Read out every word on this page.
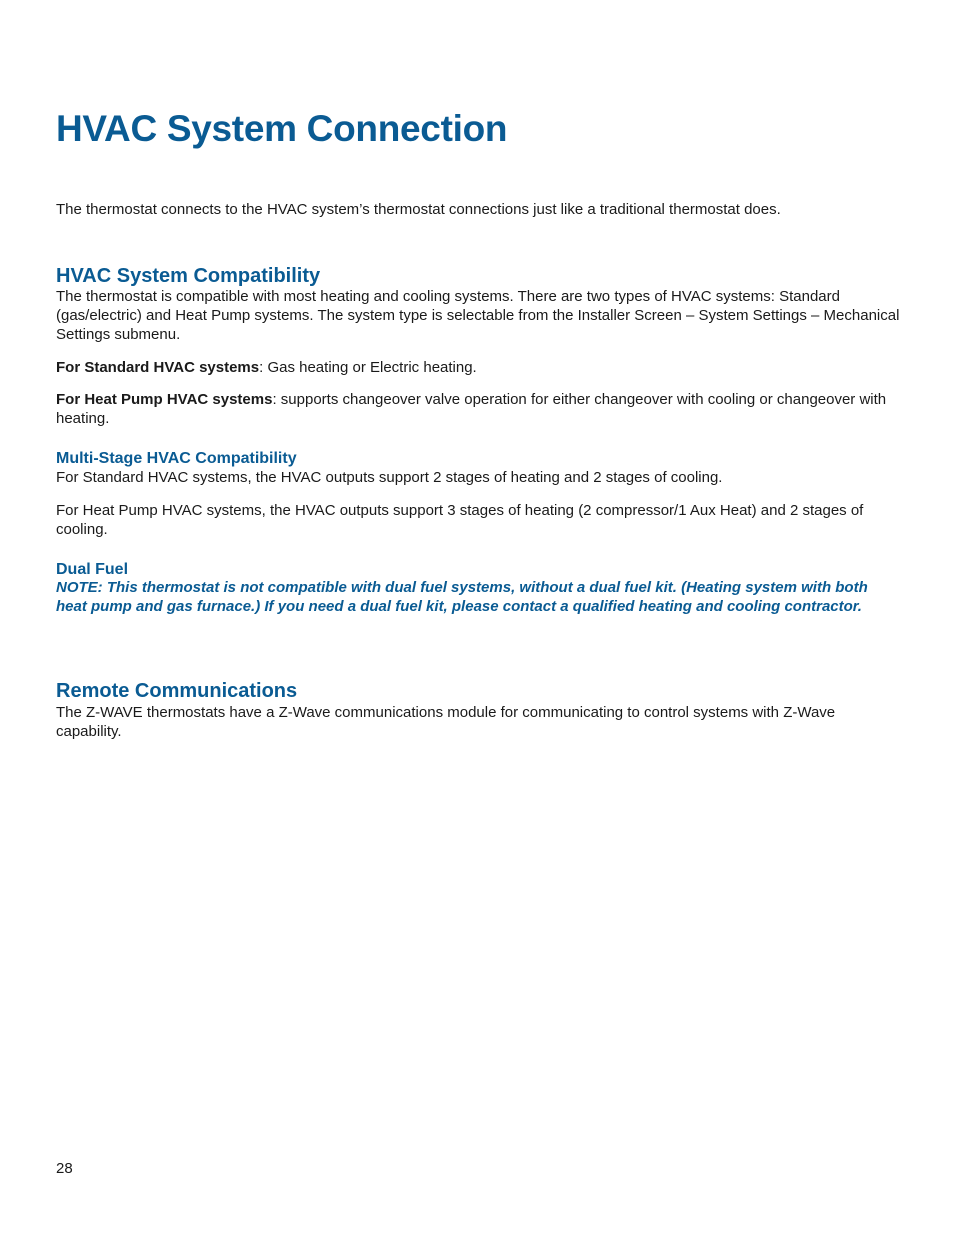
HVAC System Connection

The thermostat connects to the HVAC system’s thermostat connections just like a traditional thermostat does.

HVAC System Compatibility

The thermostat is compatible with most heating and cooling systems. There are two types of HVAC systems: Standard (gas/electric) and Heat Pump systems. The system type is selectable from the Installer Screen – System Settings – Mechanical Settings submenu.

For Standard HVAC systems: Gas heating or Electric heating.

For Heat Pump HVAC systems: supports changeover valve operation for either changeover with cooling or changeover with heating.

Multi-Stage HVAC Compatibility

For Standard HVAC systems, the HVAC outputs support 2 stages of heating and 2 stages of cooling.

For Heat Pump HVAC systems, the HVAC outputs support 3 stages of heating (2 compressor/1 Aux Heat) and 2 stages of cooling.

Dual Fuel

NOTE: This thermostat is not compatible with dual fuel systems, without a dual fuel kit. (Heating system with both heat pump and gas furnace.) If you need a dual fuel kit, please contact a qualified heating and cooling contractor.

Remote Communications

The Z-WAVE thermostats have a Z-Wave communications module for communicating to control systems with Z-Wave capability.

28
